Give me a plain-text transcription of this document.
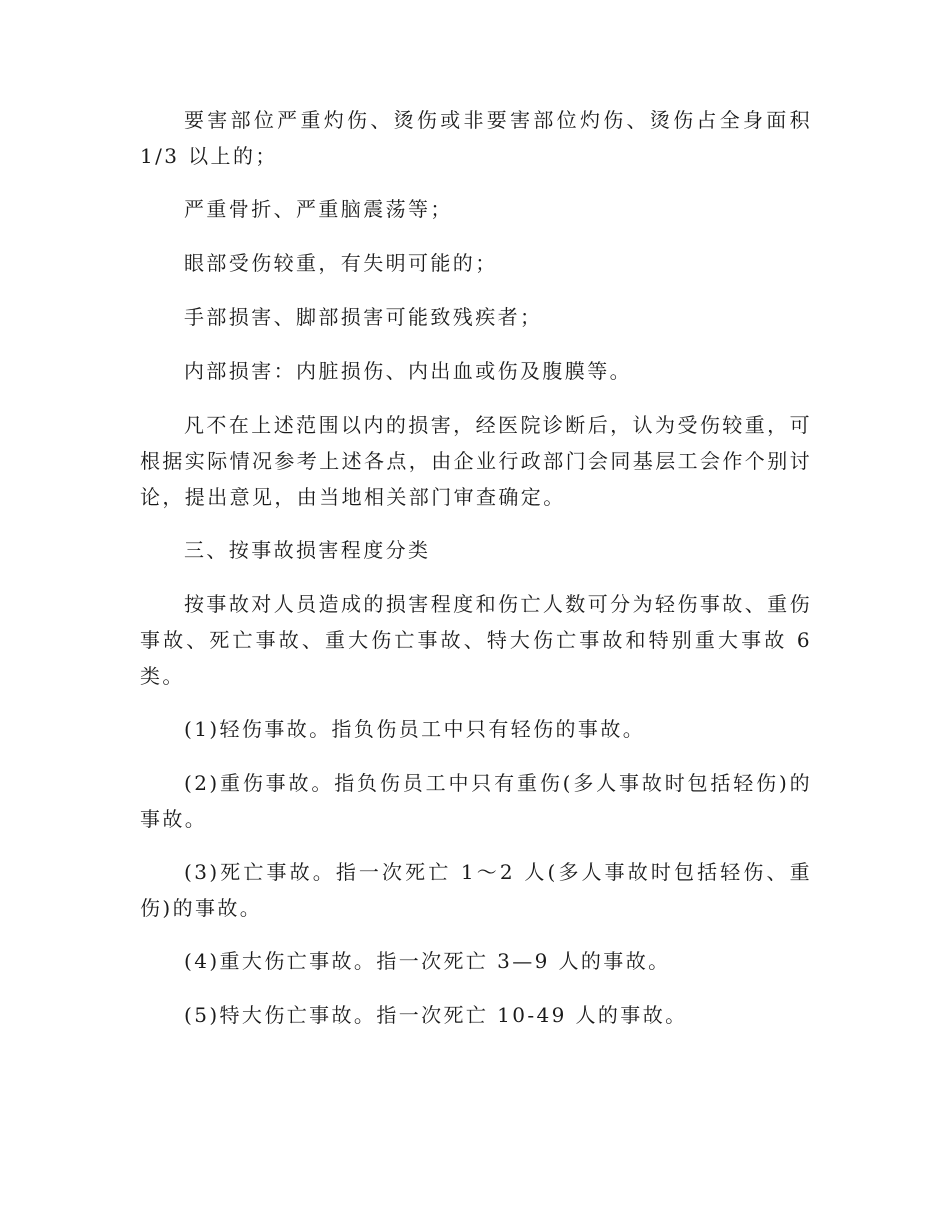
要害部位严重灼伤、烫伤或非要害部位灼伤、烫伤占全身面积 1/3 以上的；

严重骨折、严重脑震荡等；

眼部受伤较重，有失明可能的；

手部损害、脚部损害可能致残疾者；

内部损害：内脏损伤、内出血或伤及腹膜等。

凡不在上述范围以内的损害，经医院诊断后，认为受伤较重，可根据实际情况参考上述各点，由企业行政部门会同基层工会作个别讨论，提出意见，由当地相关部门审查确定。

三、按事故损害程度分类

按事故对人员造成的损害程度和伤亡人数可分为轻伤事故、重伤事故、死亡事故、重大伤亡事故、特大伤亡事故和特别重大事故 6 类。

(1)轻伤事故。指负伤员工中只有轻伤的事故。

(2)重伤事故。指负伤员工中只有重伤(多人事故时包括轻伤)的事故。

(3)死亡事故。指一次死亡 1～2 人(多人事故时包括轻伤、重伤)的事故。

(4)重大伤亡事故。指一次死亡 3—9 人的事故。

(5)特大伤亡事故。指一次死亡 10-49 人的事故。
